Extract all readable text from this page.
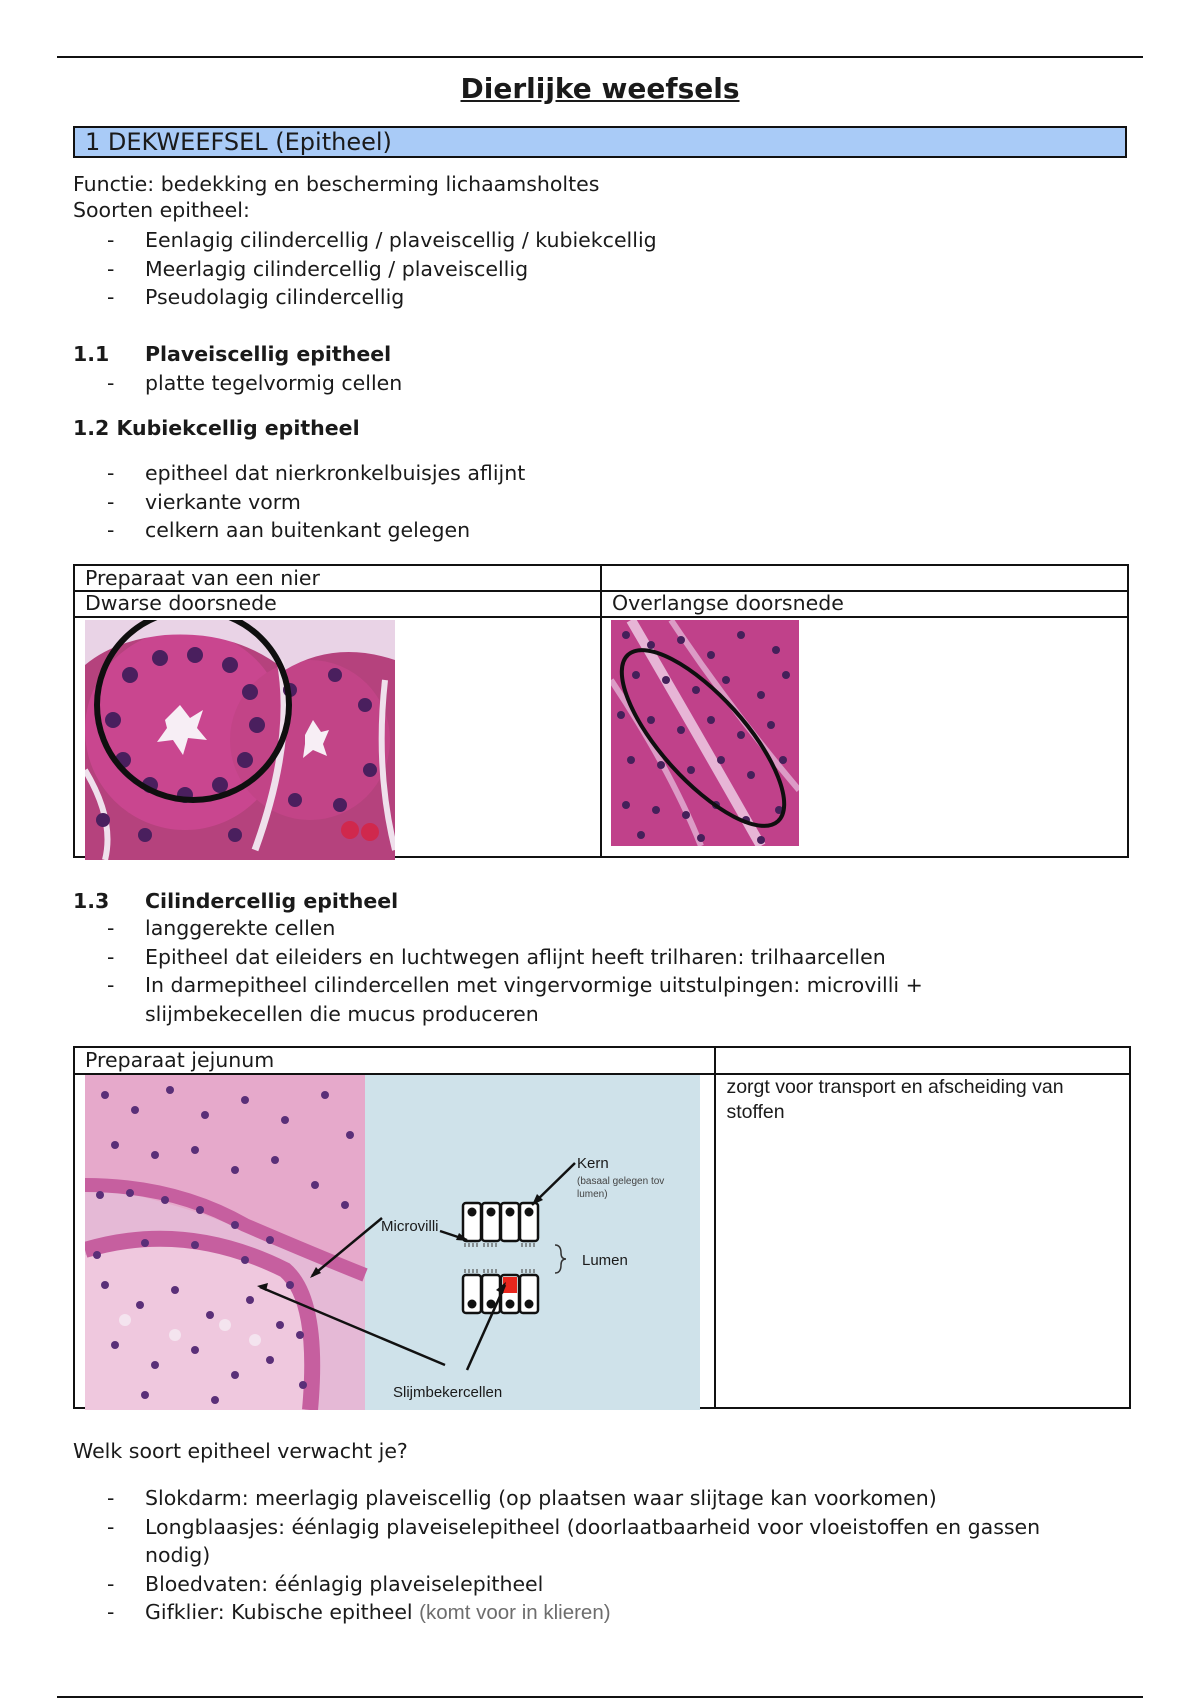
Dierlijke weefsels
1 DEKWEEFSEL (Epitheel)
Functie: bedekking en bescherming lichaamsholtes
Soorten epitheel:
- Eenlagig cilindercellig / plaveiscellig / kubiekcellig
- Meerlagig cilindercellig / plaveiscellig
- Pseudolagig cilindercellig
1.1 Plaveiscellig epitheel
- platte tegelvormig cellen
1.2 Kubiekcellig epitheel
- epitheel dat nierkronkelbuisjes aflijnt
- vierkante vorm
- celkern aan buitenkant gelegen
Preparaat van een nier	
Dwarse doorsnede	Overlangse doorsnede

1.3 Cilindercellig epitheel
- langgerekte cellen
- Epitheel dat eileiders en luchtwegen aflijnt heeft trilharen: trilhaarcellen
- In darmepitheel cilindercellen met vingervormige uitstulpingen: microvilli +
slijmbekecellen die mucus produceren
Preparaat jejunum	
	zorgt voor transport en afscheiding van stoffen
Kern
(basaal gelegen tov
lumen)
Microvilli
Lumen
Slijmbekercellen
Welk soort epitheel verwacht je?
- Slokdarm: meerlagig plaveiscellig (op plaatsen waar slijtage kan voorkomen)
- Longblaasjes: éénlagig plaveiselepitheel (doorlaatbaarheid voor vloeistoffen en gassen
nodig)
- Bloedvaten: éénlagig plaveiselepitheel
- Gifklier: Kubische epitheel (komt voor in klieren)
